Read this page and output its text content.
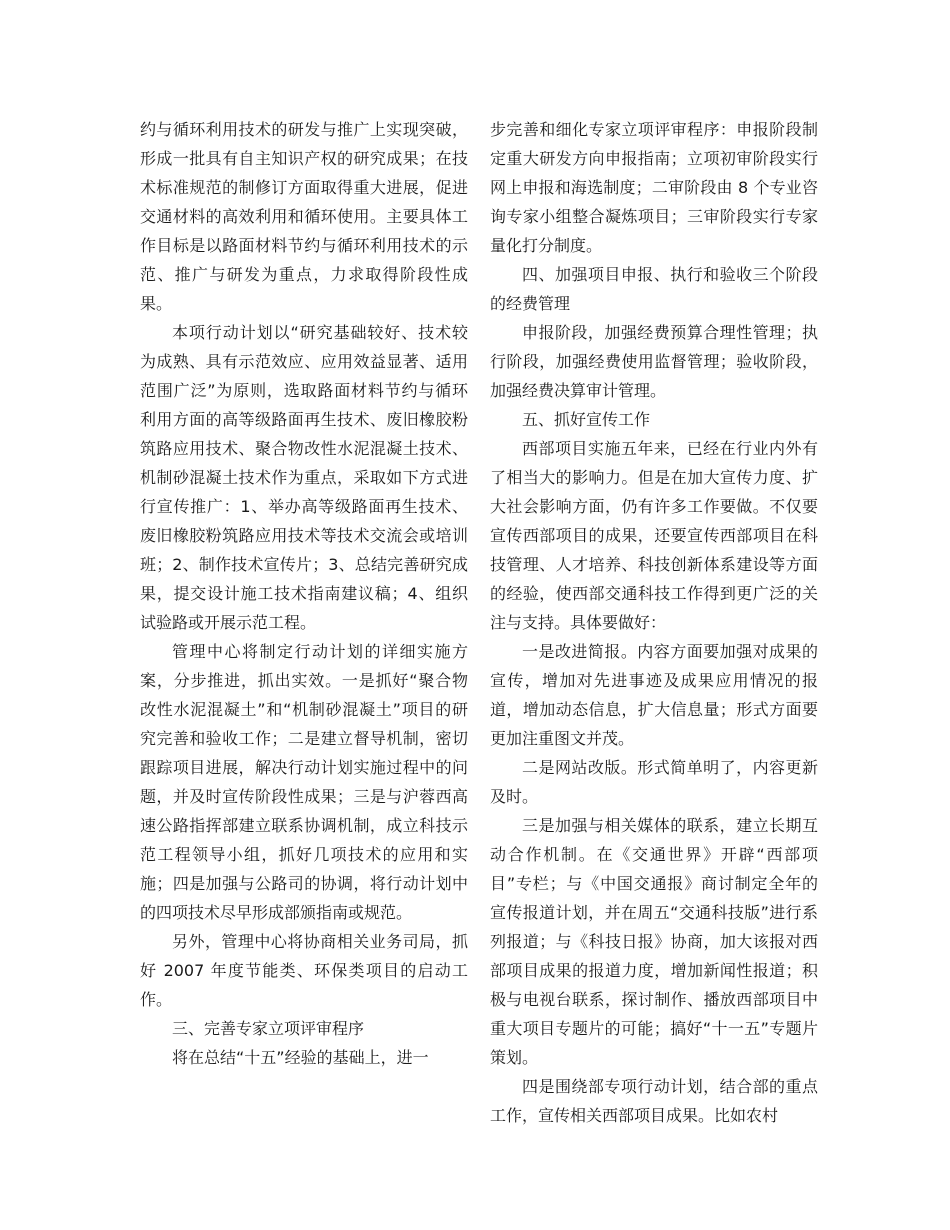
约与循环利用技术的研发与推广上实现突破，形成一批具有自主知识产权的研究成果；在技术标准规范的制修订方面取得重大进展，促进交通材料的高效利用和循环使用。主要具体工作目标是以路面材料节约与循环利用技术的示范、推广与研发为重点，力求取得阶段性成果。

本项行动计划以“研究基础较好、技术较为成熟、具有示范效应、应用效益显著、适用范围广泛”为原则，选取路面材料节约与循环利用方面的高等级路面再生技术、废旧橡胶粉筑路应用技术、聚合物改性水泥混凝土技术、机制砂混凝土技术作为重点，采取如下方式进行宣传推广：1、举办高等级路面再生技术、废旧橡胶粉筑路应用技术等技术交流会或培训班；2、制作技术宣传片；3、总结完善研究成果，提交设计施工技术指南建议稿；4、组织试验路或开展示范工程。

管理中心将制定行动计划的详细实施方案，分步推进，抓出实效。一是抓好“聚合物改性水泥混凝土”和“机制砂混凝土”项目的研究完善和验收工作；二是建立督导机制，密切跟踪项目进展，解决行动计划实施过程中的问题，并及时宣传阶段性成果；三是与沪蓉西高速公路指挥部建立联系协调机制，成立科技示范工程领导小组，抓好几项技术的应用和实施；四是加强与公路司的协调，将行动计划中的四项技术尽早形成部颁指南或规范。

另外，管理中心将协商相关业务司局，抓好 2007 年度节能类、环保类项目的启动工作。

三、完善专家立项评审程序

将在总结“十五”经验的基础上，进一

步完善和细化专家立项评审程序：申报阶段制定重大研发方向申报指南；立项初审阶段实行网上申报和海选制度；二审阶段由 8 个专业咨询专家小组整合凝炼项目；三审阶段实行专家量化打分制度。

四、加强项目申报、执行和验收三个阶段的经费管理

申报阶段，加强经费预算合理性管理；执行阶段，加强经费使用监督管理；验收阶段，加强经费决算审计管理。

五、抓好宣传工作

西部项目实施五年来，已经在行业内外有了相当大的影响力。但是在加大宣传力度、扩大社会影响方面，仍有许多工作要做。不仅要宣传西部项目的成果，还要宣传西部项目在科技管理、人才培养、科技创新体系建设等方面的经验，使西部交通科技工作得到更广泛的关注与支持。具体要做好：

一是改进简报。内容方面要加强对成果的宣传，增加对先进事迹及成果应用情况的报道，增加动态信息，扩大信息量；形式方面要更加注重图文并茂。

二是网站改版。形式简单明了，内容更新及时。

三是加强与相关媒体的联系，建立长期互动合作机制。在《交通世界》开辟“西部项目”专栏；与《中国交通报》商讨制定全年的宣传报道计划，并在周五“交通科技版”进行系列报道；与《科技日报》协商，加大该报对西部项目成果的报道力度，增加新闻性报道；积极与电视台联系，探讨制作、播放西部项目中重大项目专题片的可能；搞好“十一五”专题片策划。

四是围绕部专项行动计划，结合部的重点工作，宣传相关西部项目成果。比如农村
